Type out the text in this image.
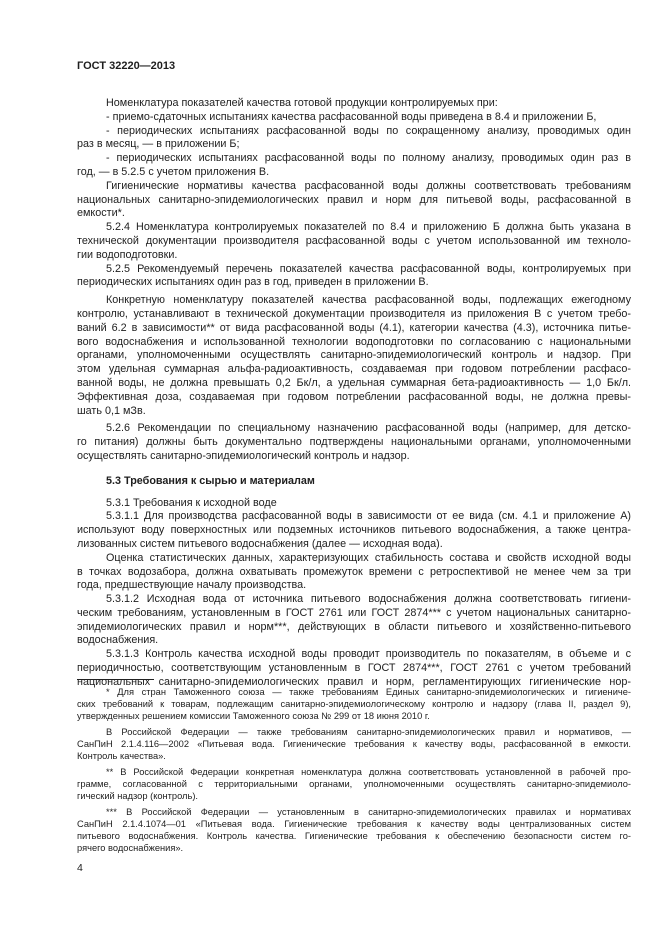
ГОСТ 32220—2013
Номенклатура показателей качества готовой продукции контролируемых при:
- приемо-сдаточных испытаниях качества расфасованной воды приведена в 8.4 и приложении Б,
- периодических испытаниях расфасованной воды по сокращенному анализу, проводимых один
раз в месяц, — в приложении Б;
- периодических испытаниях расфасованной воды по полному анализу, проводимых один раз в
год, — в 5.2.5 с учетом приложения В.
Гигиенические нормативы качества расфасованной воды должны соответствовать требованиям
национальных санитарно-эпидемиологических правил и норм для питьевой воды, расфасованной в
емкости*.
5.2.4 Номенклатура контролируемых показателей по 8.4 и приложению Б должна быть указана в
технической документации производителя расфасованной воды с учетом использованной им техноло-
гии водоподготовки.
5.2.5 Рекомендуемый перечень показателей качества расфасованной воды, контролируемых при
периодических испытаниях один раз в год, приведен в приложении В.
Конкретную номенклатуру показателей качества расфасованной воды, подлежащих ежегодному
контролю, устанавливают в технической документации производителя из приложения В с учетом требо-
ваний 6.2 в зависимости** от вида расфасованной воды (4.1), категории качества (4.3), источника питье-
вого водоснабжения и использованной технологии водоподготовки по согласованию с национальными
органами, уполномоченными осуществлять санитарно-эпидемиологический контроль и надзор. При
этом удельная суммарная альфа-радиоактивность, создаваемая при годовом потреблении расфасо-
ванной воды, не должна превышать 0,2 Бк/л, а удельная суммарная бета-радиоактивность — 1,0 Бк/л.
Эффективная доза, создаваемая при годовом потреблении расфасованной воды, не должна превы-
шать 0,1 мЗв.
5.2.6 Рекомендации по специальному назначению расфасованной воды (например, для детско-
го питания) должны быть документально подтверждены национальными органами, уполномоченными
осуществлять санитарно-эпидемиологический контроль и надзор.
5.3 Требования к сырью и материалам
5.3.1 Требования к исходной воде
5.3.1.1 Для производства расфасованной воды в зависимости от ее вида (см. 4.1 и приложение А)
используют воду поверхностных или подземных источников питьевого водоснабжения, а также центра-
лизованных систем питьевого водоснабжения (далее — исходная вода).
Оценка статистических данных, характеризующих стабильность состава и свойств исходной воды
в точках водозабора, должна охватывать промежуток времени с ретроспективой не менее чем за три
года, предшествующие началу производства.
5.3.1.2 Исходная вода от источника питьевого водоснабжения должна соответствовать гигиени-
ческим требованиям, установленным в ГОСТ 2761 или ГОСТ 2874*** с учетом национальных санитарно-
эпидемиологических правил и норм***, действующих в области питьевого и хозяйственно-питьевого
водоснабжения.
5.3.1.3 Контроль качества исходной воды проводит производитель по показателям, в объеме и с
периодичностью, соответствующим установленным в ГОСТ 2874***, ГОСТ 2761 с учетом требований
национальных санитарно-эпидемиологических правил и норм, регламентирующих гигиенические нор-
* Для стран Таможенного союза — также требованиям Единых санитарно-эпидемиологических и гигиениче-
ских требований к товарам, подлежащим санитарно-эпидемиологическому контролю и надзору (глава II, раздел 9),
утвержденных решением комиссии Таможенного союза № 299 от 18 июня 2010 г.
В Российской Федерации — также требованиям санитарно-эпидемиологических правил и нормативов, —
СанПиН 2.1.4.116—2002 «Питьевая вода. Гигиенические требования к качеству воды, расфасованной в емкости.
Контроль качества».
** В Российской Федерации конкретная номенклатура должна соответствовать установленной в рабочей про-
грамме, согласованной с территориальными органами, уполномоченными осуществлять санитарно-эпидемиоло-
гический надзор (контроль).
*** В Российской Федерации — установленным в санитарно-эпидемиологических правилах и нормативах
СанПиН 2.1.4.1074—01 «Питьевая вода. Гигиенические требования к качеству воды централизованных систем
питьевого водоснабжения. Контроль качества. Гигиенические требования к обеспечению безопасности систем го-
рячего водоснабжения».
4
